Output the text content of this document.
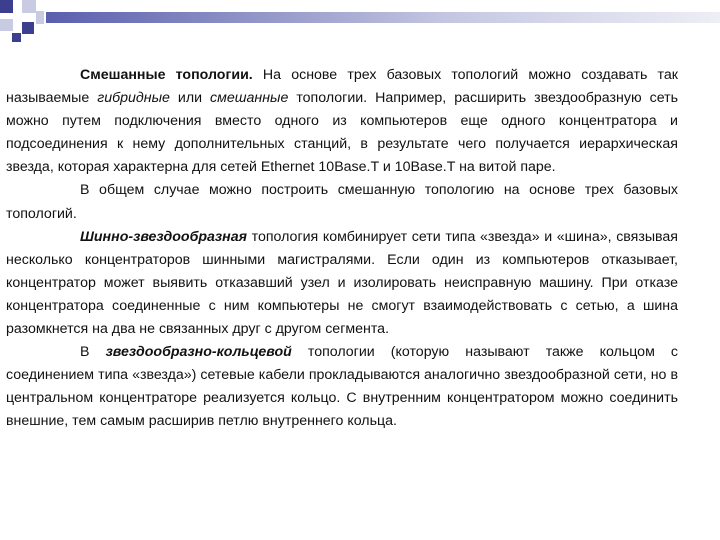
Смешанные топологии. На основе трех базовых топологий можно создавать так называемые гибридные или смешанные топологии. Например, расширить звездообразную сеть можно путем подключения вместо одного из компьютеров еще одного концентратора и подсоединения к нему дополнительных станций, в результате чего получается иерархическая звезда, которая характерна для сетей Ethernet 10Base.T и 10Base.T на витой паре.

В общем случае можно построить смешанную топологию на основе трех базовых топологий.

Шинно-звездообразная топология комбинирует сети типа «звезда» и «шина», связывая несколько концентраторов шинными магистралями. Если один из компьютеров отказывает, концентратор может выявить отказавший узел и изолировать неисправную машину. При отказе концентратора соединенные с ним компьютеры не смогут взаимодействовать с сетью, а шина разомкнется на два не связанных друг с другом сегмента.

В звездообразно-кольцевой топологии (которую называют также кольцом с соединением типа «звезда») сетевые кабели прокладываются аналогично звездообразной сети, но в центральном концентраторе реализуется кольцо. С внутренним концентратором можно соединить внешние, тем самым расширив петлю внутреннего кольца.
